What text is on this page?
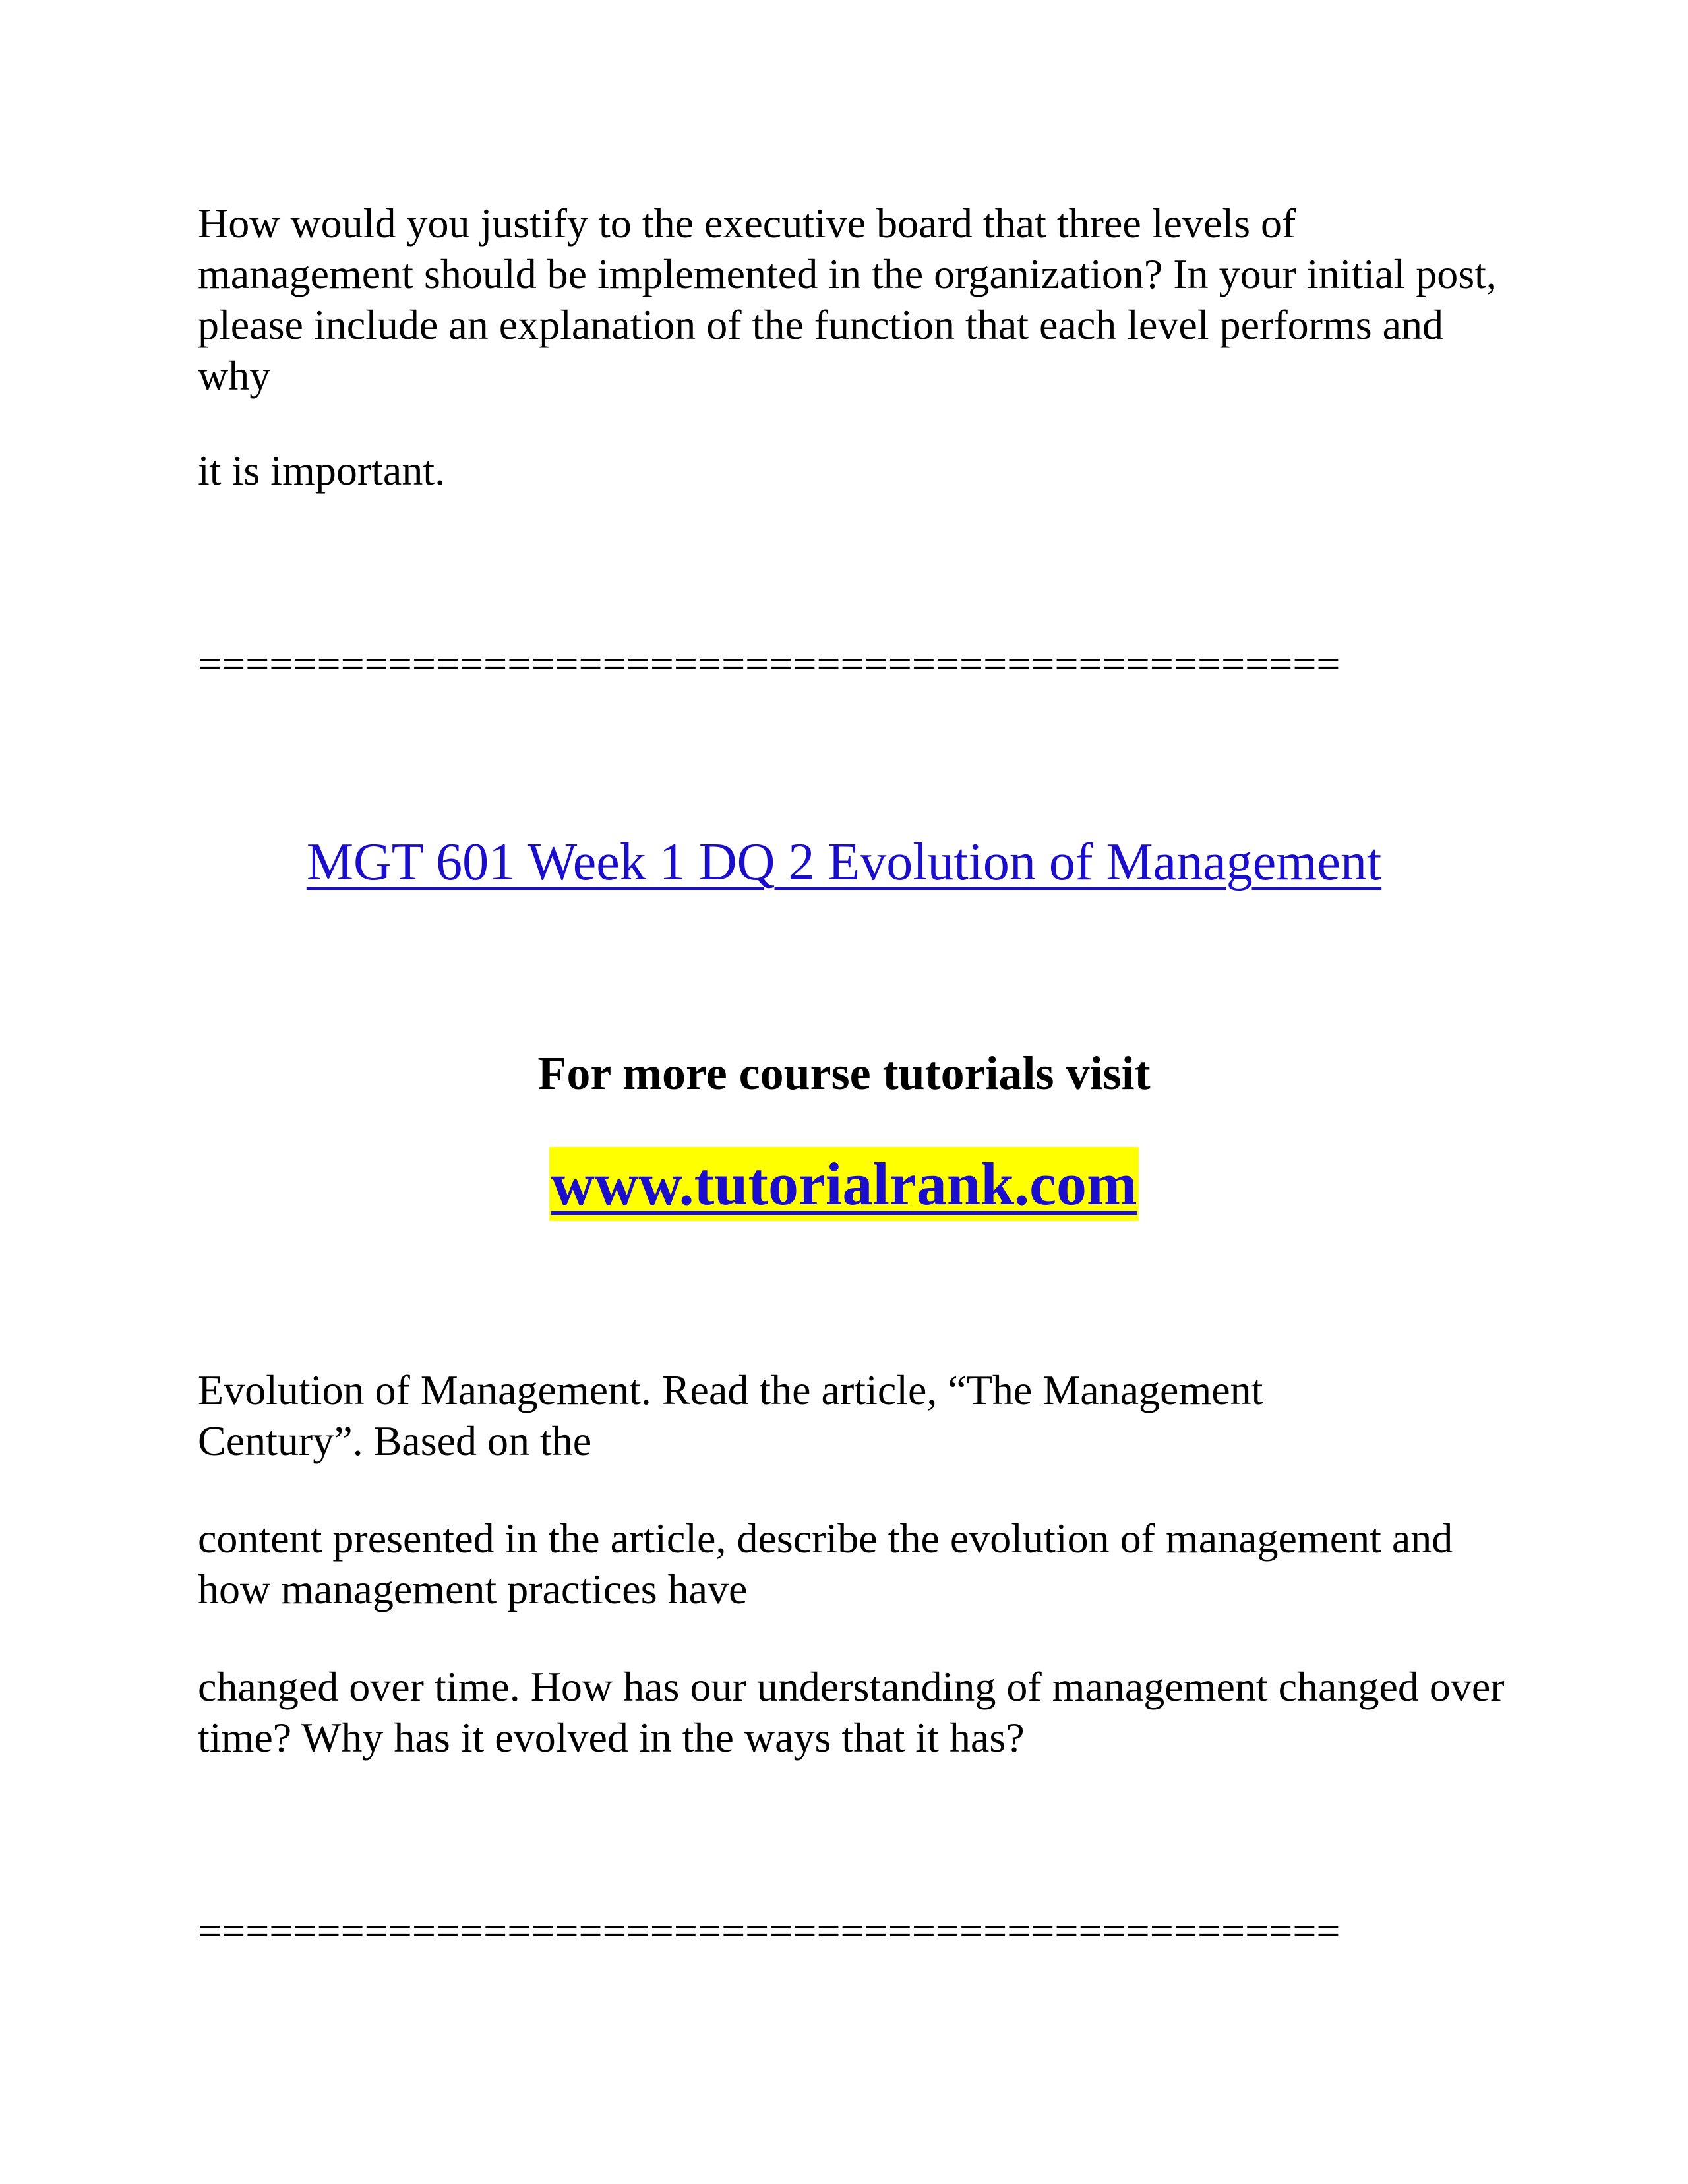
How would you justify to the executive board that three levels of management should be implemented in the organization? In your initial post, please include an explanation of the function that each level performs and why

it is important.

================================================

MGT 601 Week 1 DQ 2 Evolution of Management

For more course tutorials visit

www.tutorialrank.com

Evolution of Management. Read the article, “The Management Century”. Based on the

content presented in the article, describe the evolution of management and how management practices have

changed over time. How has our understanding of management changed over time? Why has it evolved in the ways that it has?

================================================
